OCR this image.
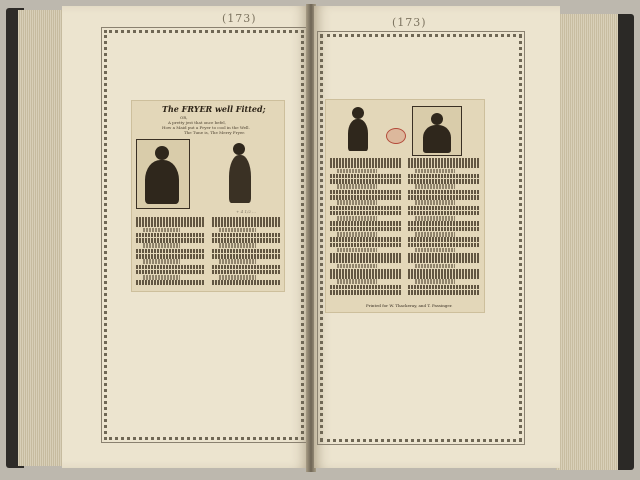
(173)
The FRYER well Fitted;
OR,
A pretty jest that once befel,
How a Maid put a Fryer to cool in the Well.
The Tune is, The Merry Fryer.
+ 4 1/2 ...
(173)
Printed for W. Thackeray, and T. Passinger.
